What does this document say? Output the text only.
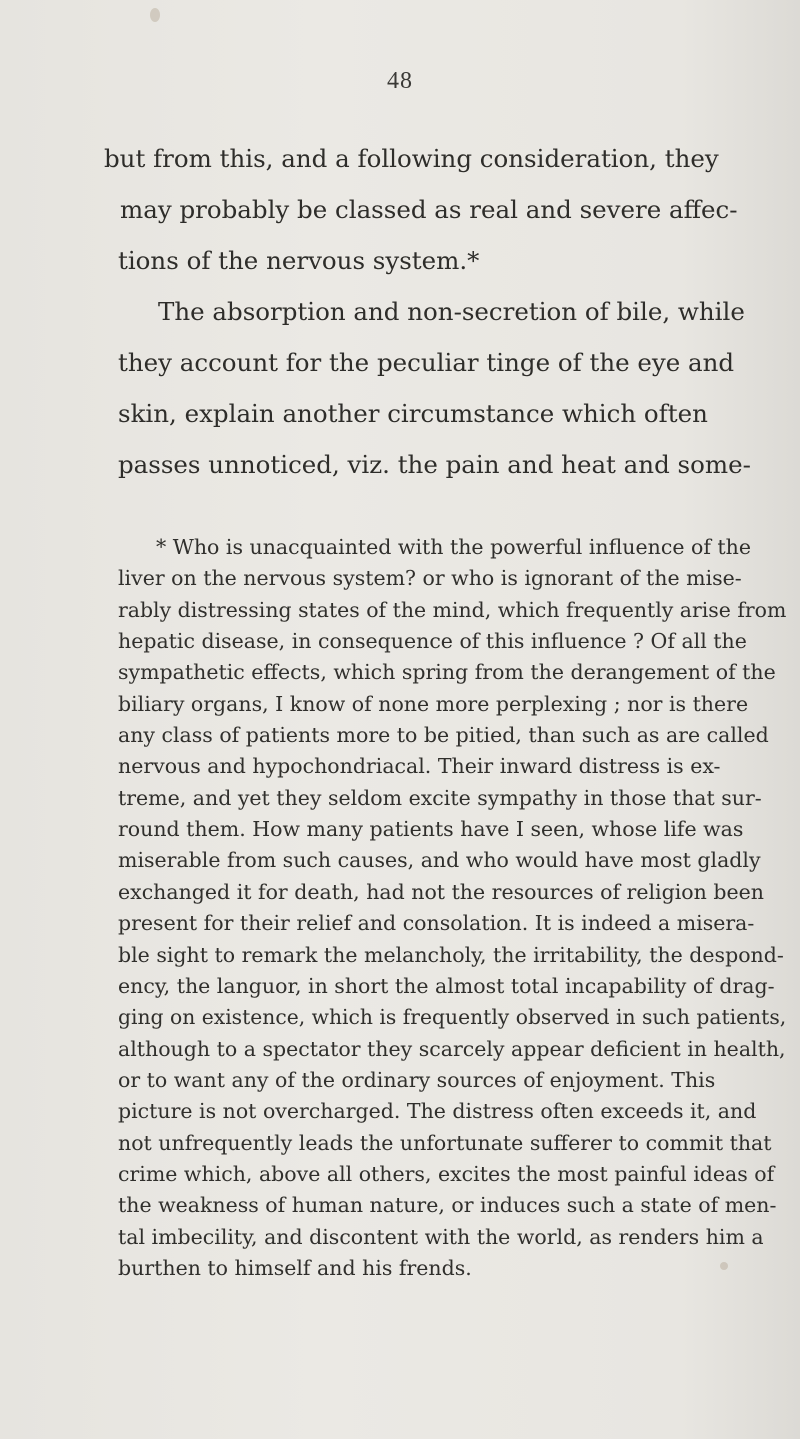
48
but from this, and a following consideration, they
may probably be classed as real and severe affec-
tions of the nervous system.*
The absorption and non-secretion of bile, while
they account for the peculiar tinge of the eye and
skin, explain another circumstance which often
passes unnoticed, viz. the pain and heat and some-
* Who is unacquainted with the powerful influence of the
liver on the nervous system? or who is ignorant of the mise-
rably distressing states of the mind, which frequently arise from
hepatic disease, in consequence of this influence ? Of all the
sympathetic effects, which spring from the derangement of the
biliary organs, I know of none more perplexing ; nor is there
any class of patients more to be pitied, than such as are called
nervous and hypochondriacal. Their inward distress is ex-
treme, and yet they seldom excite sympathy in those that sur-
round them. How many patients have I seen, whose life was
miserable from such causes, and who would have most gladly
exchanged it for death, had not the resources of religion been
present for their relief and consolation. It is indeed a misera-
ble sight to remark the melancholy, the irritability, the despond-
ency, the languor, in short the almost total incapability of drag-
ging on existence, which is frequently observed in such patients,
although to a spectator they scarcely appear deficient in health,
or to want any of the ordinary sources of enjoyment. This
picture is not overcharged. The distress often exceeds it, and
not unfrequently leads the unfortunate sufferer to commit that
crime which, above all others, excites the most painful ideas of
the weakness of human nature, or induces such a state of men-
tal imbecility, and discontent with the world, as renders him a
burthen to himself and his frends.
